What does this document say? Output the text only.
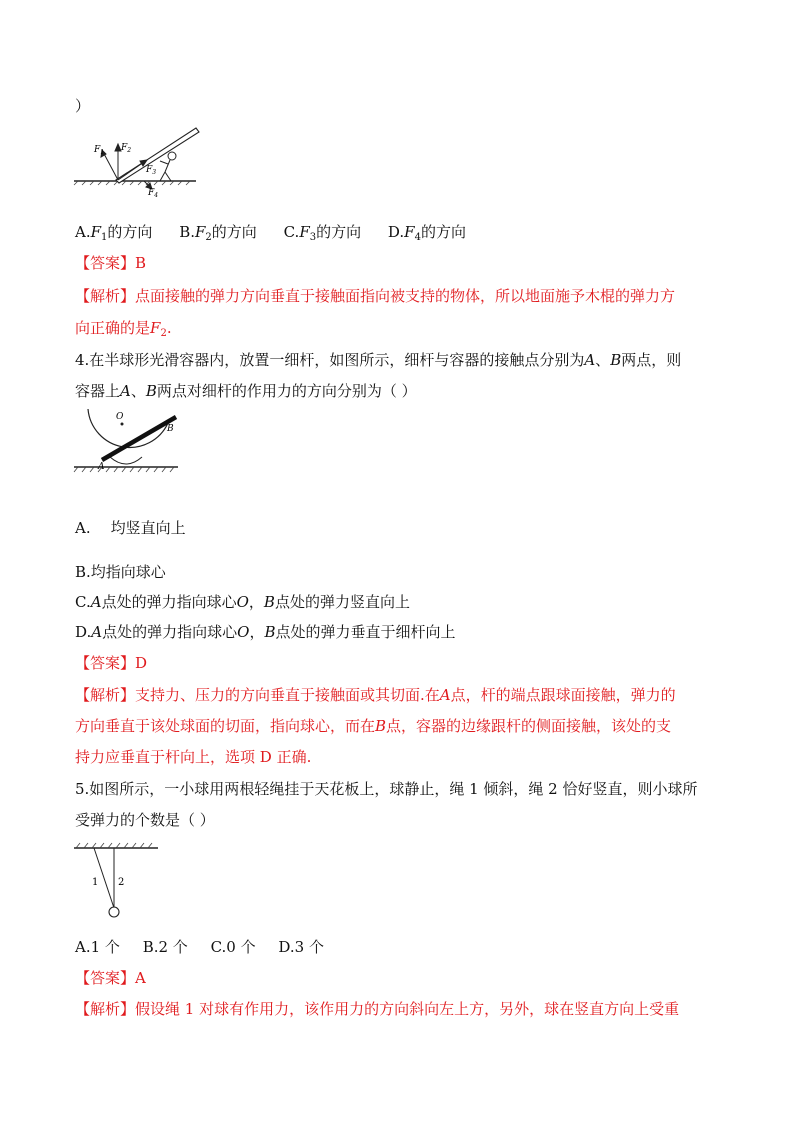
）
$F_1$ $F_2$
$F_3$
$F_4$
$A.F_1$的方向 $B.F_2$的方向 $C.F_3$的方向 $D.F_4$的方向
【答案】B
【解析】点面接触的弹力方向垂直于接触面指向被支持的物体，所以地面施予木棍的弹力方
向正确的是$F_2$.
4.在半球形光滑容器内，放置一细杆，如图所示，细杆与容器的接触点分别为A、B两点，则
容器上A、B两点对细杆的作用力的方向分别为（ ）
O
A
B
A. 均竖直向上
B.均指向球心
C.A点处的弹力指向球心O，B点处的弹力竖直向上
D.A点处的弹力指向球心O，B点处的弹力垂直于细杆向上
【答案】D
【解析】支持力、压力的方向垂直于接触面或其切面.在A点，杆的端点跟球面接触，弹力的
方向垂直于该处球面的切面，指向球心，而在B点，容器的边缘跟杆的侧面接触，该处的支
持力应垂直于杆向上，选项 D 正确.
5.如图所示，一小球用两根轻绳挂于天花板上，球静止，绳 1 倾斜，绳 2 恰好竖直，则小球所
受弹力的个数是（ ）
1 2
A.1 个 B.2 个 C.0 个 D.3 个
【答案】A
【解析】假设绳 1 对球有作用力，该作用力的方向斜向左上方，另外，球在竖直方向上受重
